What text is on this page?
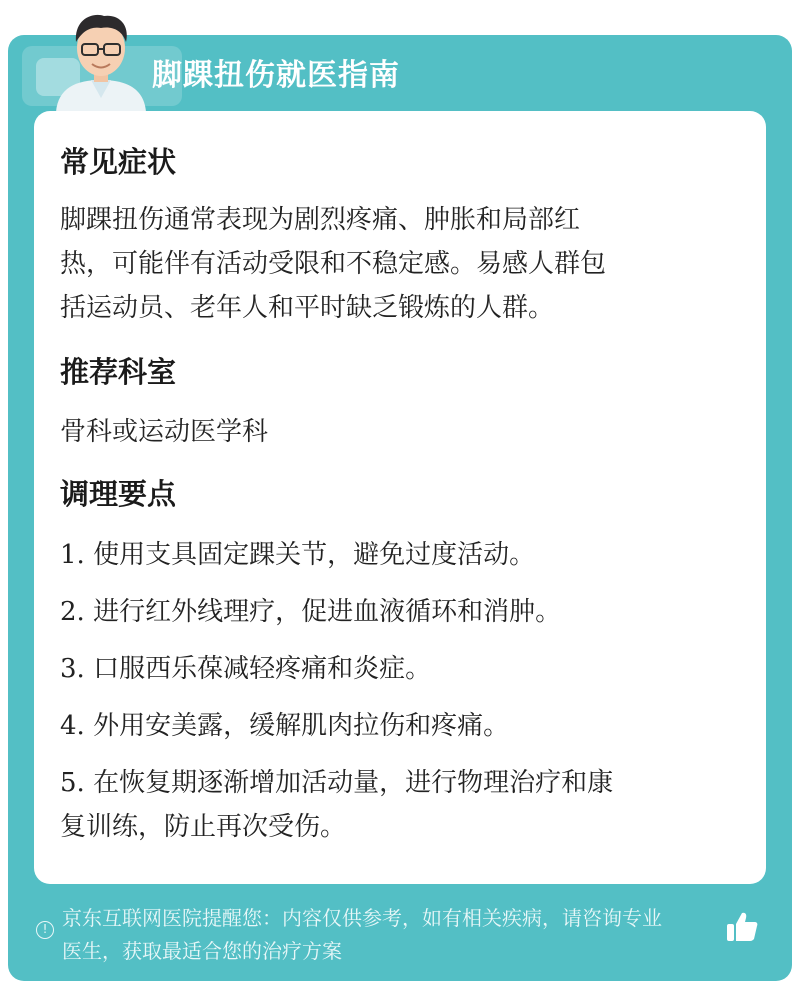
脚踝扭伤就医指南
常见症状
脚踝扭伤通常表现为剧烈疼痛、肿胀和局部红
热，可能伴有活动受限和不稳定感。易感人群包
括运动员、老年人和平时缺乏锻炼的人群。
推荐科室
骨科或运动医学科
调理要点
1. 使用支具固定踝关节，避免过度活动。
2. 进行红外线理疗，促进血液循环和消肿。
3. 口服西乐葆减轻疼痛和炎症。
4. 外用安美露，缓解肌肉拉伤和疼痛。
5. 在恢复期逐渐增加活动量，进行物理治疗和康
复训练，防止再次受伤。
! 京东互联网医院提醒您：内容仅供参考，如有相关疾病，请咨询专业
医生，获取最适合您的治疗方案
